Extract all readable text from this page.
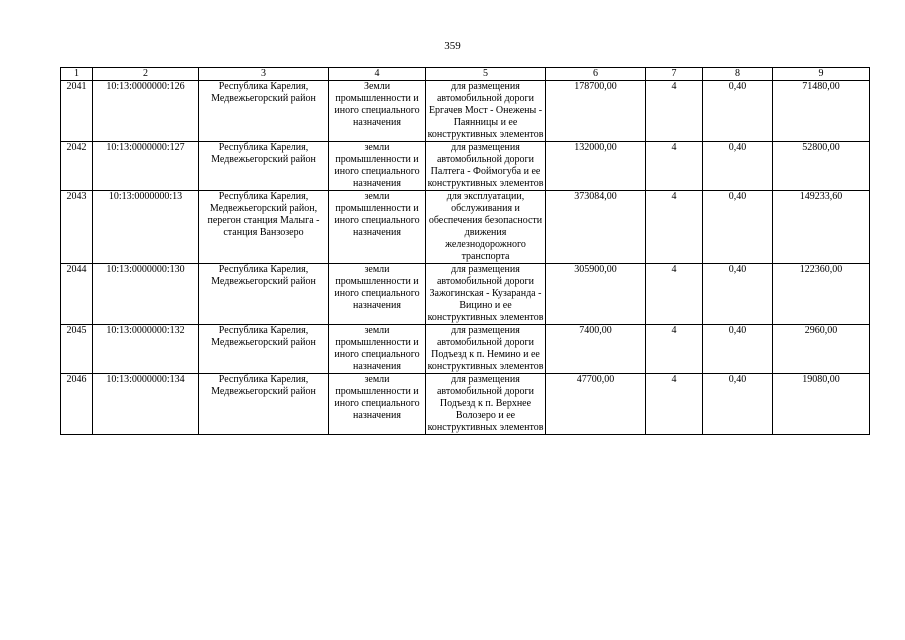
359
1	2	3	4	5	6	7	8	9
2041	10:13:0000000:126	Республика Карелия, Медвежьегорский район	Земли промышленности и иного специального назначения	для размещения автомобильной дороги Ергачев Мост - Онежены - Паянницы и ее конструктивных элементов	178700,00	4	0,40	71480,00
2042	10:13:0000000:127	Республика Карелия, Медвежьегорский район	земли промышленности и иного специального назначения	для размещения автомобильной дороги Палтега - Фоймогуба и ее конструктивных элементов	132000,00	4	0,40	52800,00
2043	10:13:0000000:13	Республика Карелия, Медвежьегорский район, перегон станция Малыга - станция Ванзозеро	земли промышленности и иного специального назначения	для эксплуатации, обслуживания и обеспечения безопасности движения железнодорожного транспорта	373084,00	4	0,40	149233,60
2044	10:13:0000000:130	Республика Карелия, Медвежьегорский район	земли промышленности и иного специального назначения	для размещения автомобильной дороги Зажогинская - Кузаранда - Вицино и ее конструктивных элементов	305900,00	4	0,40	122360,00
2045	10:13:0000000:132	Республика Карелия, Медвежьегорский район	земли промышленности и иного специального назначения	для размещения автомобильной дороги Подъезд к п. Немино и ее конструктивных элементов	7400,00	4	0,40	2960,00
2046	10:13:0000000:134	Республика Карелия, Медвежьегорский район	земли промышленности и иного специального назначения	для размещения автомобильной дороги Подъезд к п. Верхнее Волозеро и ее конструктивных элементов	47700,00	4	0,40	19080,00
